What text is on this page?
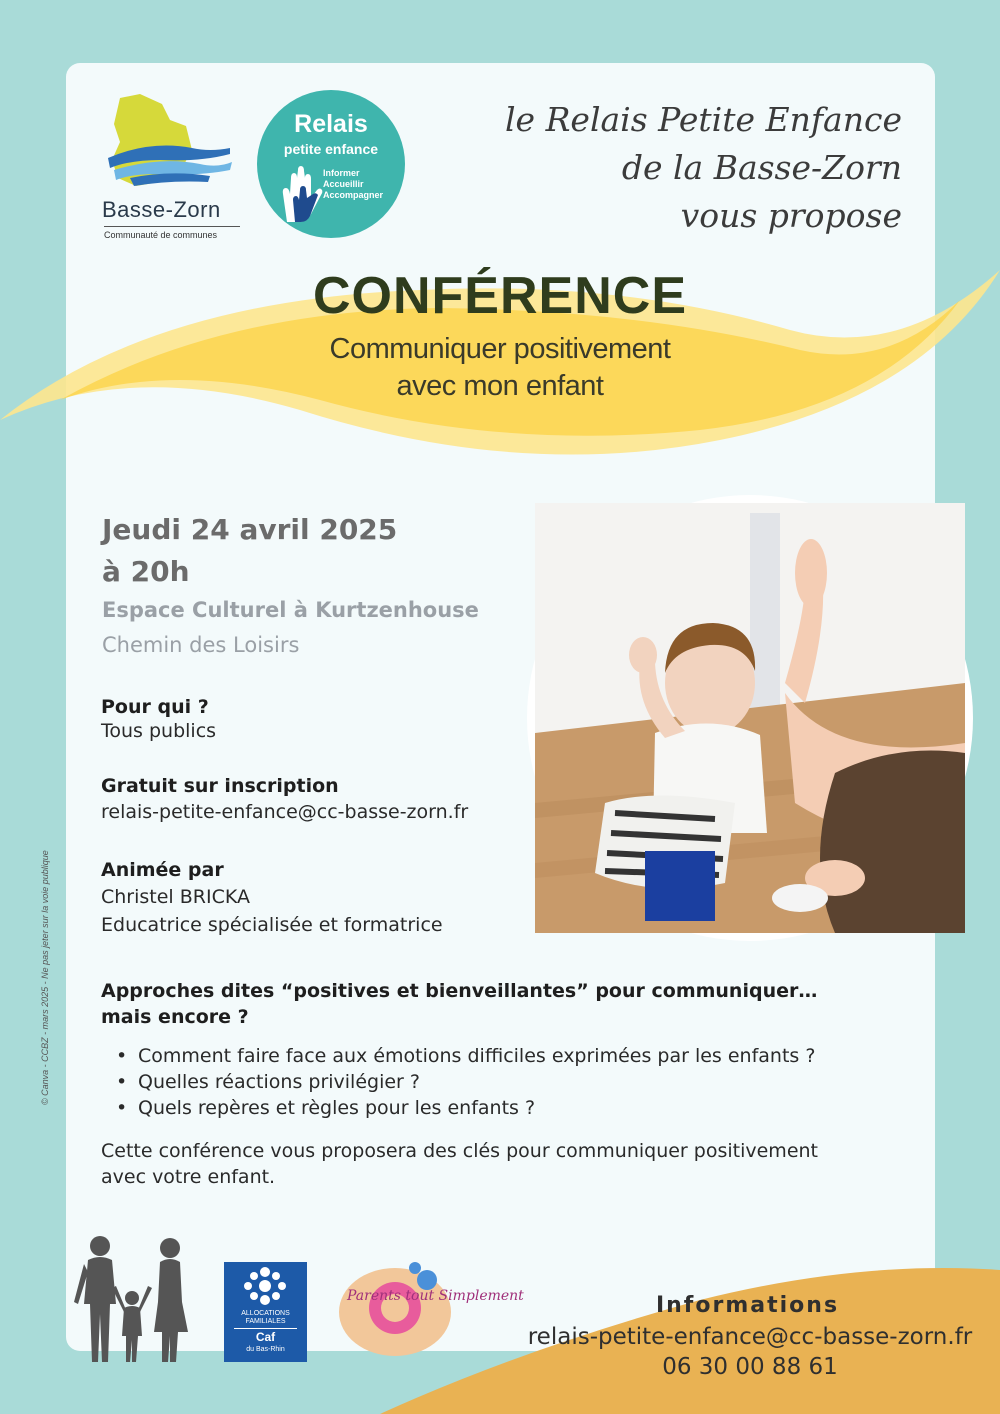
Basse-Zorn
Communauté de communes
Relais
petite enfance
Informer
Accueillir
Accompagner
le Relais Petite Enfance
de la Basse-Zorn
vous propose
CONFÉRENCE
Communiquer positivement
avec mon enfant
Jeudi 24 avril 2025
à 20h
Espace Culturel à Kurtzenhouse
Chemin des Loisirs
Pour qui ?
Tous publics
Gratuit sur inscription
relais-petite-enfance@cc-basse-zorn.fr
Animée par
Christel BRICKA
Educatrice spécialisée et formatrice
Approches dites “positives et bienveillantes” pour communiquer…
mais encore ?
• Comment faire face aux émotions difficiles exprimées par les enfants ?
• Quelles réactions privilégier ?
• Quels repères et règles pour les enfants ?
Cette conférence vous proposera des clés pour communiquer positivement
avec votre enfant.
© Canva - CCBZ - mars 2025 - Ne pas jeter sur la voie publique
Informations
relais-petite-enfance@cc-basse-zorn.fr
06 30 00 88 61
ALLOCATIONS
FAMILIALES
Caf
du Bas-Rhin
Parents tout Simplement
